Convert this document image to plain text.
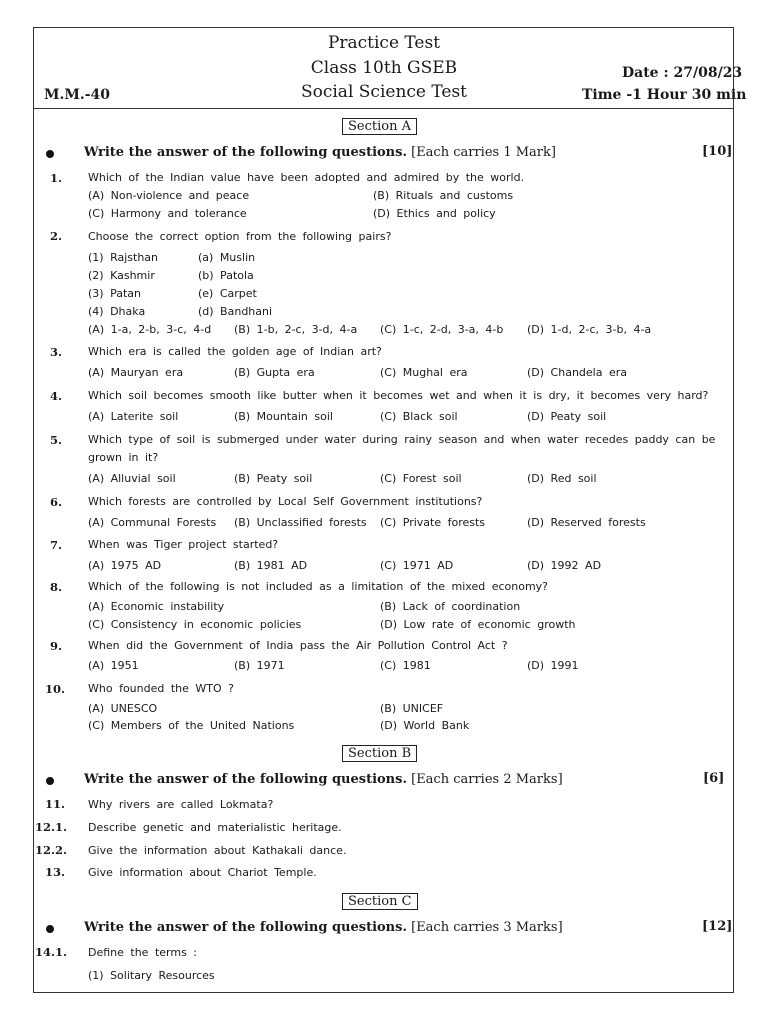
Practice Test
Class 10th GSEB
Social Science Test
M.M.-40
Date : 27/08/23
Time -1 Hour 30 min
Section A
Write the answer of the following questions. [Each carries 1 Mark]	[10]
1. Which of the Indian value have been adopted and admired by the world.
(A) Non-violence and peace	(B) Rituals and customs
(C) Harmony and tolerance	(D) Ethics and policy
2. Choose the correct option from the following pairs?
(1) Rajsthan	(a) Muslin
(2) Kashmir	(b) Patola
(3) Patan	(e) Carpet
(4) Dhaka	(d) Bandhani
(A) 1-a, 2-b, 3-c, 4-d (B) 1-b, 2-c, 3-d, 4-a (C) 1-c, 2-d, 3-a, 4-b (D) 1-d, 2-c, 3-b, 4-a
3. Which era is called the golden age of Indian art?
(A) Mauryan era	(B) Gupta era	(C) Mughal era	(D) Chandela era
4. Which soil becomes smooth like butter when it becomes wet and when it is dry, it becomes very hard?
(A) Laterite soil	(B) Mountain soil	(C) Black soil	(D) Peaty soil
5. Which type of soil is submerged under water during rainy season and when water recedes paddy can be
grown in it?
(A) Alluvial soil	(B) Peaty soil	(C) Forest soil	(D) Red soil
6. Which forests are controlled by Local Self Government institutions?
(A) Communal Forests (B) Unclassified forests (C) Private forests	(D) Reserved forests
7. When was Tiger project started?
(A) 1975 AD	(B) 1981 AD	(C) 1971 AD	(D) 1992 AD
8. Which of the following is not included as a limitation of the mixed economy?
(A) Economic instability	(B) Lack of coordination
(C) Consistency in economic policies	(D) Low rate of economic growth
9. When did the Government of India pass the Air Pollution Control Act ?
(A) 1951	(B) 1971	(C) 1981	(D) 1991
10. Who founded the WTO ?
(A) UNESCO	(B) UNICEF
(C) Members of the United Nations	(D) World Bank
Section B
Write the answer of the following questions. [Each carries 2 Marks]	[6]
11. Why rivers are called Lokmata?
12.1. Describe genetic and materialistic heritage.
12.2. Give the information about Kathakali dance.
13. Give information about Chariot Temple.
Section C
Write the answer of the following questions. [Each carries 3 Marks]	[12]
14.1. Define the terms :
(1) Solitary Resources
